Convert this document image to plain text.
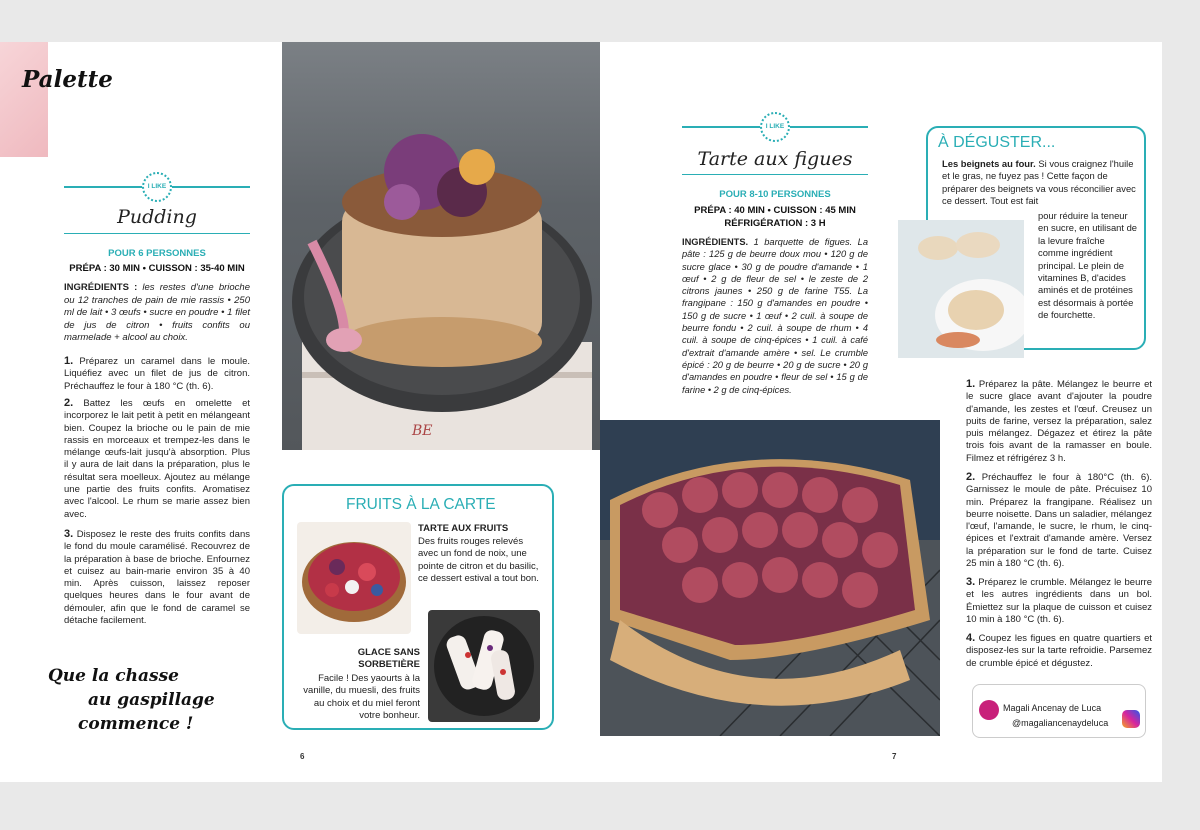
Palette
I LIKE
Pudding
POUR 6 PERSONNES
PRÉPA : 30 MIN • CUISSON : 35-40 MIN
INGRÉDIENTS : les restes d'une brioche ou 12 tranches de pain de mie rassis • 250 ml de lait • 3 œufs • sucre en poudre • 1 filet de jus de citron • fruits confits ou marmelade + alcool au choix.
1. Préparez un caramel dans le moule. Liquéfiez avec un filet de jus de citron. Préchauffez le four à 180 °C (th. 6).
2. Battez les œufs en omelette et incorporez le lait petit à petit en mélangeant bien. Coupez la brioche ou le pain de mie rassis en morceaux et trempez-les dans le mélange œufs-lait jusqu'à absorption. Plus il y aura de lait dans la préparation, plus le résultat sera moelleux. Ajoutez au mélange une partie des fruits confits. Aromatisez avec l'alcool. Le rhum se marie assez bien avec.
3. Disposez le reste des fruits confits dans le fond du moule caramélisé. Recouvrez de la préparation à base de brioche. Enfournez et cuisez au bain-marie environ 35 à 40 min. Après cuisson, laissez reposer quelques heures dans le four avant de démouler, afin que le fond de caramel se détache facilement.
Que la chasse
au gaspillage
commence !
6
BE
FRUITS À LA CARTE
TARTE AUX FRUITS
Des fruits rouges relevés avec un fond de noix, une pointe de citron et du basilic, ce dessert estival a tout bon.
GLACE SANS
SORBETIÈRE
Facile ! Des yaourts à la vanille, du muesli, des fruits au choix et du miel feront votre bonheur.
I LIKE
Tarte aux figues
POUR 8-10 PERSONNES
PRÉPA : 40 MIN • CUISSON : 45 MIN
RÉFRIGÉRATION : 3 H
INGRÉDIENTS. 1 barquette de figues. La pâte : 125 g de beurre doux mou • 120 g de sucre glace • 30 g de poudre d'amande • 1 œuf • 2 g de fleur de sel • le zeste de 2 citrons jaunes • 250 g de farine T55. La frangipane : 150 g d'amandes en poudre • 150 g de sucre • 1 œuf • 2 cuil. à soupe de beurre fondu • 2 cuil. à soupe de rhum • 4 cuil. à soupe de cinq-épices • 1 cuil. à café d'extrait d'amande amère • sel. Le crumble épicé : 20 g de beurre • 20 g de sucre • 20 g d'amandes en poudre • fleur de sel • 15 g de farine • 2 g de cinq-épices.
À DÉGUSTER...
Les beignets au four. Si vous craignez l'huile et le gras, ne fuyez pas ! Cette façon de préparer des beignets va vous réconcilier avec ce dessert. Tout est fait
pour réduire la teneur en sucre, en utilisant de la levure fraîche comme ingrédient principal. Le plein de vitamines B, d'acides aminés et de protéines est désormais à portée de fourchette.
1. Préparez la pâte. Mélangez le beurre et le sucre glace avant d'ajouter la poudre d'amande, les zestes et l'œuf. Creusez un puits de farine, versez la préparation, salez puis mélangez. Dégazez et étirez la pâte trois fois avant de la ramasser en boule. Filmez et réfrigérez 3 h.
2. Préchauffez le four à 180°C (th. 6). Garnissez le moule de pâte. Précuisez 10 min. Préparez la frangipane. Réalisez un beurre noisette. Dans un saladier, mélangez l'œuf, l'amande, le sucre, le rhum, le cinq-épices et l'extrait d'amande amère. Versez la préparation sur le fond de tarte. Cuisez 25 min à 180 °C (th. 6).
3. Préparez le crumble. Mélangez le beurre et les autres ingrédients dans un bol. Émiettez sur la plaque de cuisson et cuisez 10 min à 180 °C (th. 6).
4. Coupez les figues en quatre quartiers et disposez-les sur la tarte refroidie. Parsemez de crumble épicé et dégustez.
Magali Ancenay de Luca
@magaliancenaydeluca
7
